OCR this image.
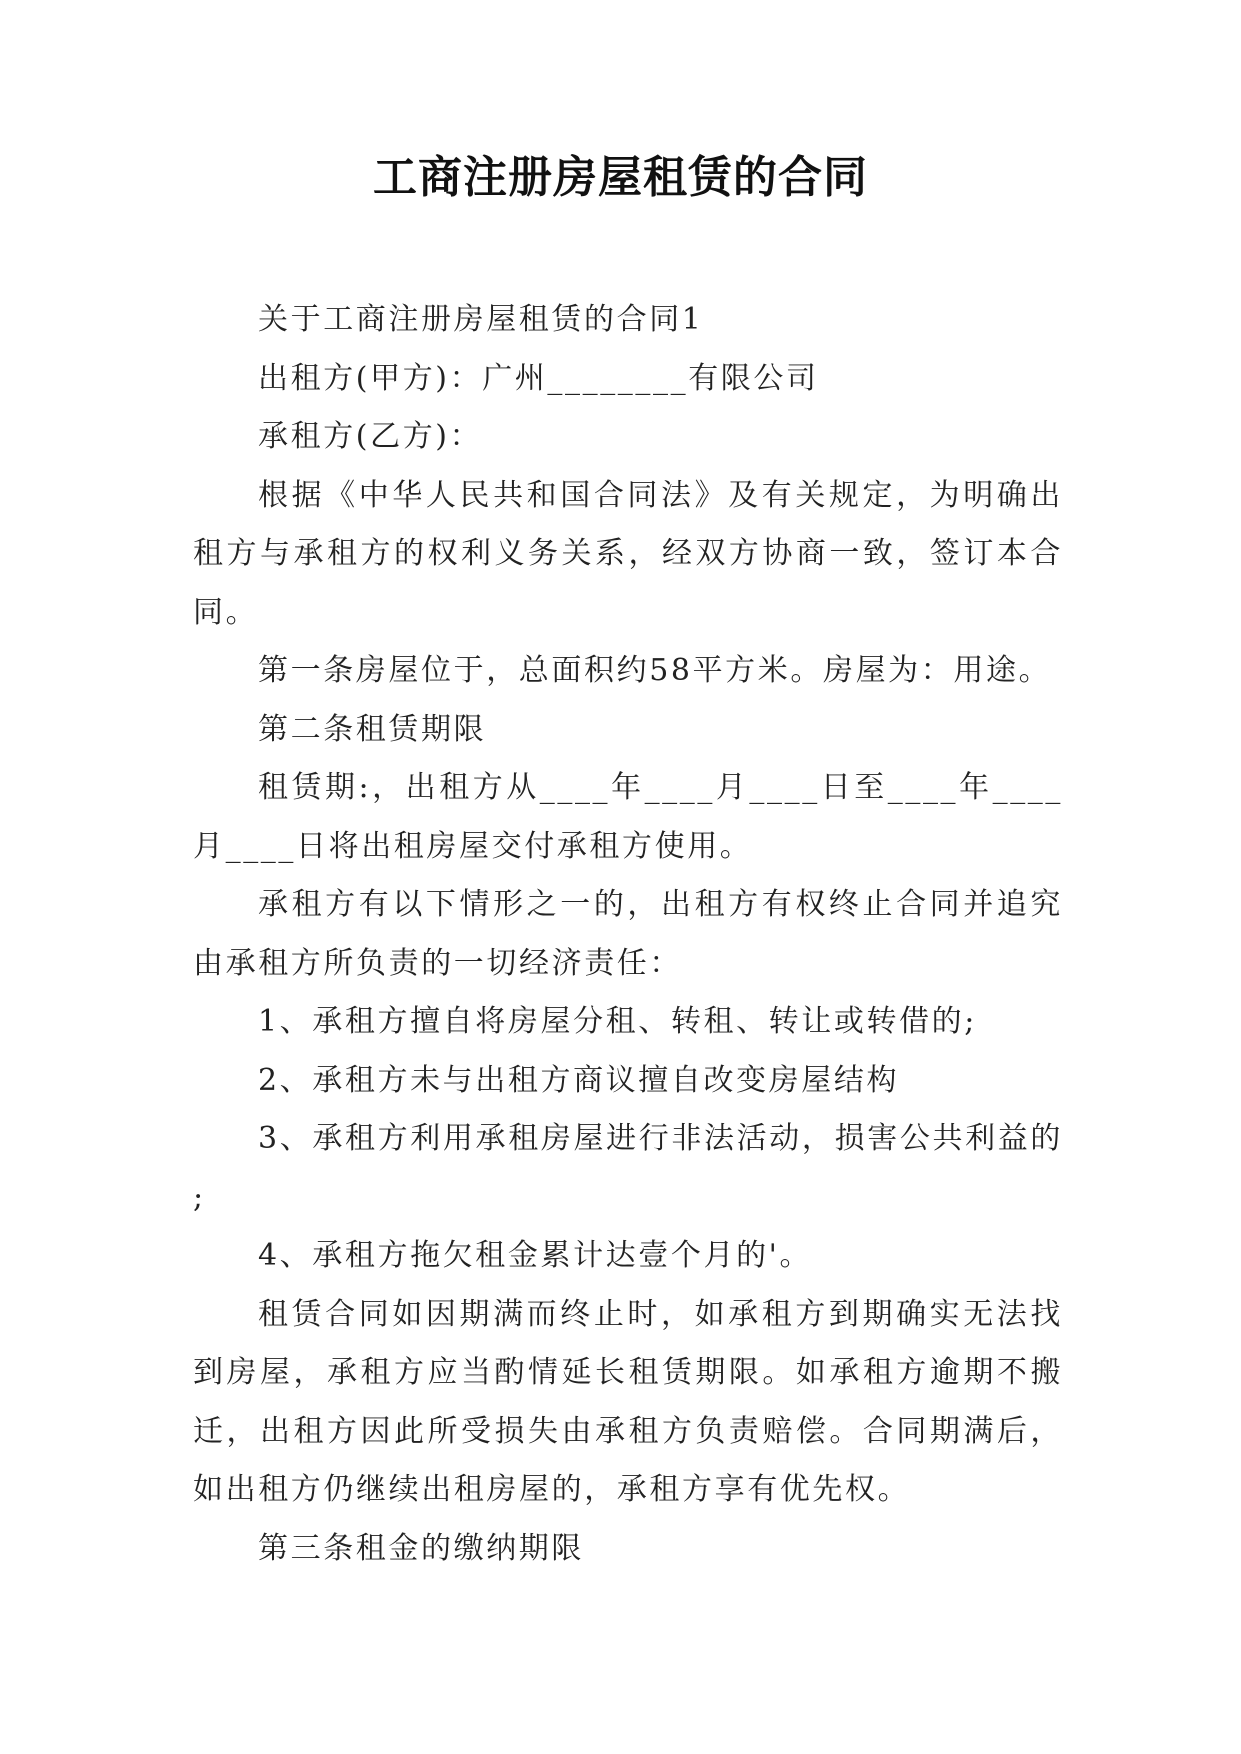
工商注册房屋租赁的合同

关于工商注册房屋租赁的合同1

出租方(甲方)：广州________有限公司

承租方(乙方)：

根据《中华人民共和国合同法》及有关规定，为明确出租方与承租方的权利义务关系，经双方协商一致，签订本合同。

第一条房屋位于，总面积约58平方米。房屋为：用途。

第二条租赁期限

租赁期:，出租方从____年____月____日至____年____月____日将出租房屋交付承租方使用。

承租方有以下情形之一的，出租方有权终止合同并追究由承租方所负责的一切经济责任：

1、承租方擅自将房屋分租、转租、转让或转借的;

2、承租方未与出租方商议擅自改变房屋结构

3、承租方利用承租房屋进行非法活动，损害公共利益的;

4、承租方拖欠租金累计达壹个月的'。

租赁合同如因期满而终止时，如承租方到期确实无法找到房屋，承租方应当酌情延长租赁期限。如承租方逾期不搬迁，出租方因此所受损失由承租方负责赔偿。合同期满后，如出租方仍继续出租房屋的，承租方享有优先权。

第三条租金的缴纳期限
